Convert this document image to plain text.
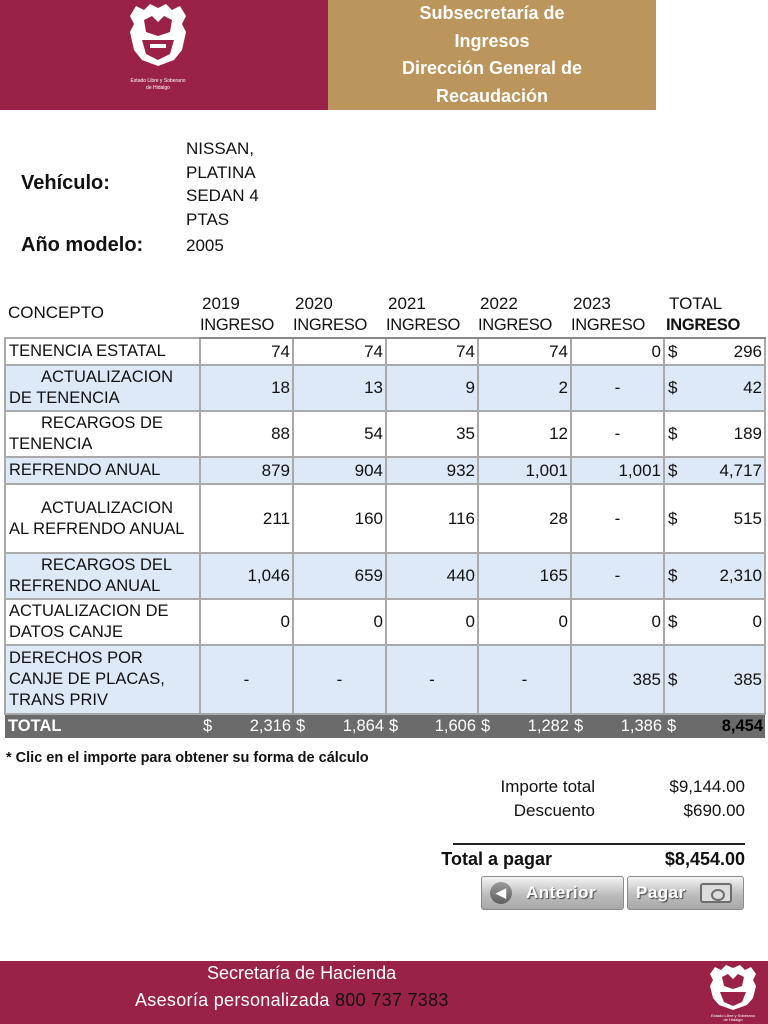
Estado Libre y Soberano
de Hidalgo
Subsecretaría de
Ingresos
Dirección General de
Recaudación
Vehículo:
NISSAN,
PLATINA
SEDAN 4
PTAS
Año modelo:	2005
CONCEPTO	2019	2020	2021	2022	2023	TOTAL	
	INGRESO	INGRESO	INGRESO	INGRESO	INGRESO	INGRESO	
TENENCIA ESTATAL	74	74	74	74	0	$	296
ACTUALIZACION DE TENENCIA	18	13	9	2	-	$	42
RECARGOS DE TENENCIA	88	54	35	12	-	$	189
REFRENDO ANUAL	879	904	932	1,001	1,001	$	4,717
ACTUALIZACION AL REFRENDO ANUAL	211	160	116	28	-	$	515
RECARGOS DEL REFRENDO ANUAL	1,046	659	440	165	-	$	2,310
ACTUALIZACION DE DATOS CANJE	0	0	0	0	0	$	0
DERECHOS POR CANJE DE PLACAS, TRANS PRIV	-	-	-	-	385	$	385
TOTAL	$ 2,316	$ 1,864	$ 1,606	$ 1,282	$ 1,386	$	8,454
* Clic en el importe para obtener su forma de cálculo
Importe total	$9,144.00
Descuento	$690.00
Total a pagar	$8,454.00
◀	Anterior Pagar
Secretaría de Hacienda
Asesoría personalizada 800 737 7383
Estado Libre y Soberano
de Hidalgo
